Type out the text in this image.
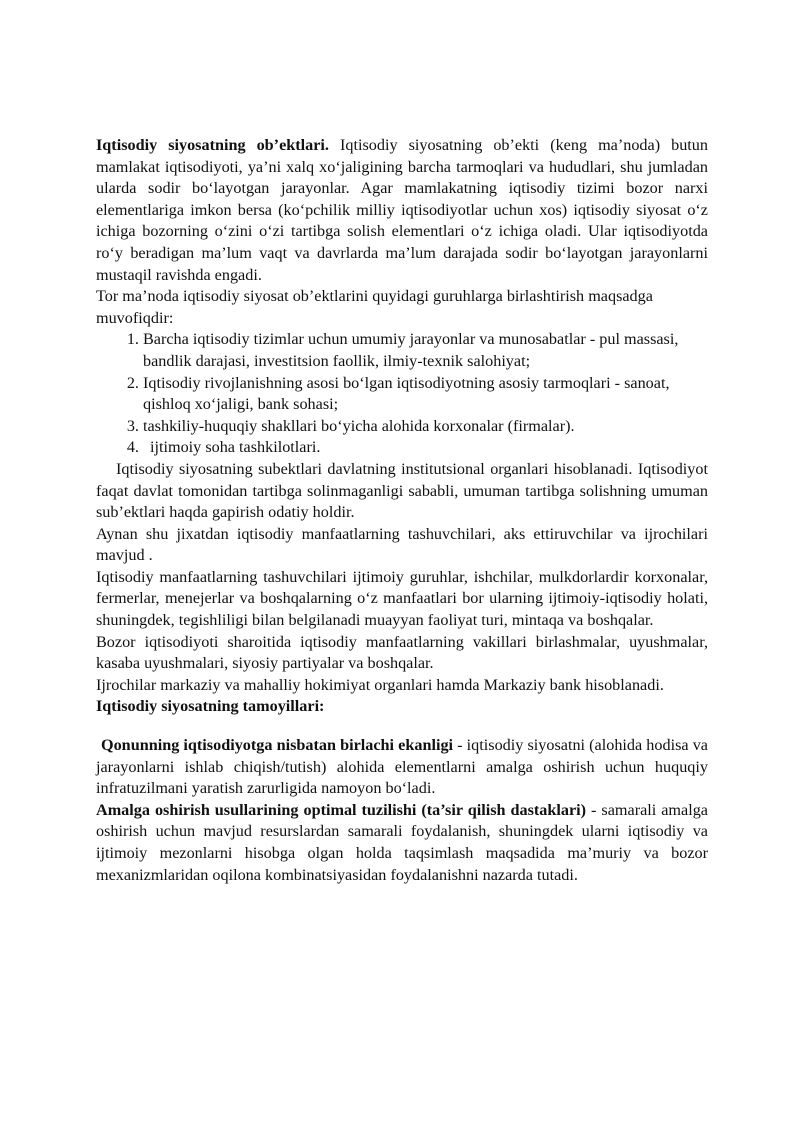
Iqtisodiy siyosatning ob’ektlari. Iqtisodiy siyosatning ob’ekti (keng ma’noda) butun mamlakat iqtisodiyoti, ya’ni xalq xo‘jaligining barcha tarmoqlari va hududlari, shu jumladan ularda sodir bo‘layotgan jarayonlar. Agar mamlakatning iqtisodiy tizimi bozor narxi elementlariga imkon bersa (ko‘pchilik milliy iqtisodiyotlar uchun xos) iqtisodiy siyosat o‘z ichiga bozorning o‘zini o‘zi tartibga solish elementlari o‘z ichiga oladi. Ular iqtisodiyotda ro‘y beradigan ma’lum vaqt va davrlarda ma’lum darajada sodir bo‘layotgan jarayonlarni mustaqil ravishda engadi.

Tor ma’noda iqtisodiy siyosat ob’ektlarini quyidagi guruhlarga birlashtirish maqsadga muvofiqdir:

1. Barcha iqtisodiy tizimlar uchun umumiy jarayonlar va munosabatlar - pul massasi, bandlik darajasi, investitsion faollik, ilmiy-texnik salohiyat;
2. Iqtisodiy rivojlanishning asosi bo‘lgan iqtisodiyotning asosiy tarmoqlari - sanoat, qishloq xo‘jaligi, bank sohasi;
3. tashkiliy-huquqiy shakllari bo‘yicha alohida korxonalar (firmalar).
4. ijtimoiy soha tashkilotlari.

Iqtisodiy siyosatning subektlari davlatning institutsional organlari hisoblanadi. Iqtisodiyot faqat davlat tomonidan tartibga solinmaganligi sababli, umuman tartibga solishning umuman sub’ektlari haqda gapirish odatiy holdir.

Aynan shu jixatdan iqtisodiy manfaatlarning tashuvchilari, aks ettiruvchilar va ijrochilari mavjud .

Iqtisodiy manfaatlarning tashuvchilari ijtimoiy guruhlar, ishchilar, mulkdorlardir korxonalar, fermerlar, menejerlar va boshqalarning o‘z manfaatlari bor ularning ijtimoiy-iqtisodiy holati, shuningdek, tegishliligi bilan belgilanadi muayyan faoliyat turi, mintaqa va boshqalar.

Bozor iqtisodiyoti sharoitida iqtisodiy manfaatlarning vakillari birlashmalar, uyushmalar, kasaba uyushmalari, siyosiy partiyalar va boshqalar.

Ijrochilar markaziy va mahalliy hokimiyat organlari hamda Markaziy bank hisoblanadi.

Iqtisodiy siyosatning tamoyillari:

Qonunning iqtisodiyotga nisbatan birlachi ekanligi - iqtisodiy siyosatni (alohida hodisa va jarayonlarni ishlab chiqish/tutish) alohida elementlarni amalga oshirish uchun huquqiy infratuzilmani yaratish zarurligida namoyon bo‘ladi.

Amalga oshirish usullarining optimal tuzilishi (ta’sir qilish dastaklari) - samarali amalga oshirish uchun mavjud resurslardan samarali foydalanish, shuningdek ularni iqtisodiy va ijtimoiy mezonlarni hisobga olgan holda taqsimlash maqsadida ma’muriy va bozor mexanizmlaridan oqilona kombinatsiyasidan foydalanishni nazarda tutadi.
